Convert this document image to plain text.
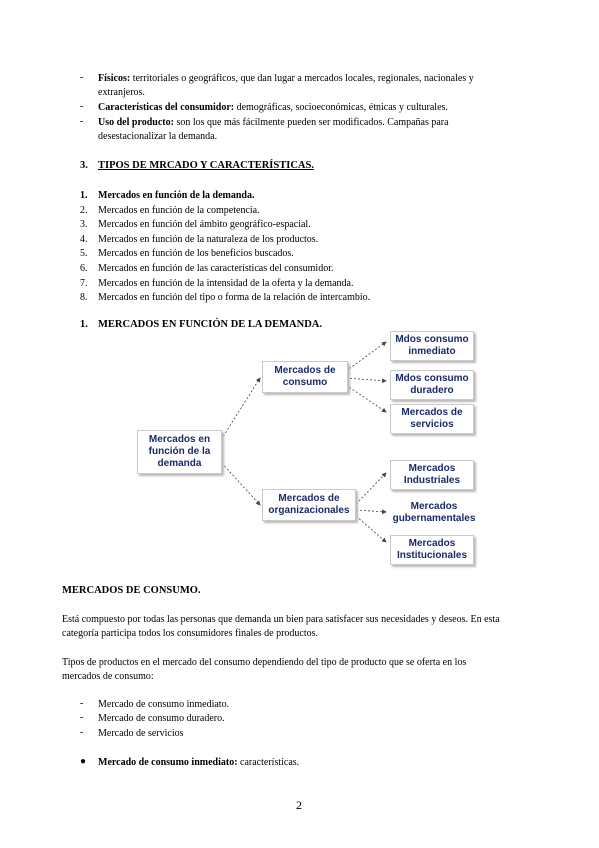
-	Físicos: territoriales o geográficos, que dan lugar a mercados locales, regionales, nacionales y
extranjeros.
-	Características del consumidor: demográficas, socioeconómicas, étnicas y culturales.
-	Uso del producto: son los que más fácilmente pueden ser modificados. Campañas para
desestacionalizar la demanda.
3. TIPOS DE MRCADO Y CARACTERÍSTICAS.
1. Mercados en función de la demanda.
2. Mercados en función de la competencia.
3. Mercados en función del ámbito geográfico-espacial.
4. Mercados en función de la naturaleza de los productos.
5. Mercados en función de los beneficios buscados.
6. Mercados en función de las características del consumidor.
7. Mercados en función de la intensidad de la oferta y la demanda.
8. Mercados en función del tipo o forma de la relación de intercambio.
1. MERCADOS EN FUNCIÓN DE LA DEMANDA.
Mercados en
función de la
demanda
Mercados de
consumo
Mercados de
organizacionales
Mdos consumo
inmediato
Mdos consumo
duradero
Mercados de
servicios
Mercados
Industriales
Mercados
gubernamentales
Mercados
Institucionales
MERCADOS DE CONSUMO.
Está compuesto por todas las personas que demanda un bien para satisfacer sus necesidades y deseos. En esta
categoría participa todos los consumidores finales de productos.
Tipos de productos en el mercado del consumo dependiendo del tipo de producto que se oferta en los
mercados de consumo:
-	Mercado de consumo inmediato.
-	Mercado de consumo duradero.
-	Mercado de servicios
● Mercado de consumo inmediato: características.
2
